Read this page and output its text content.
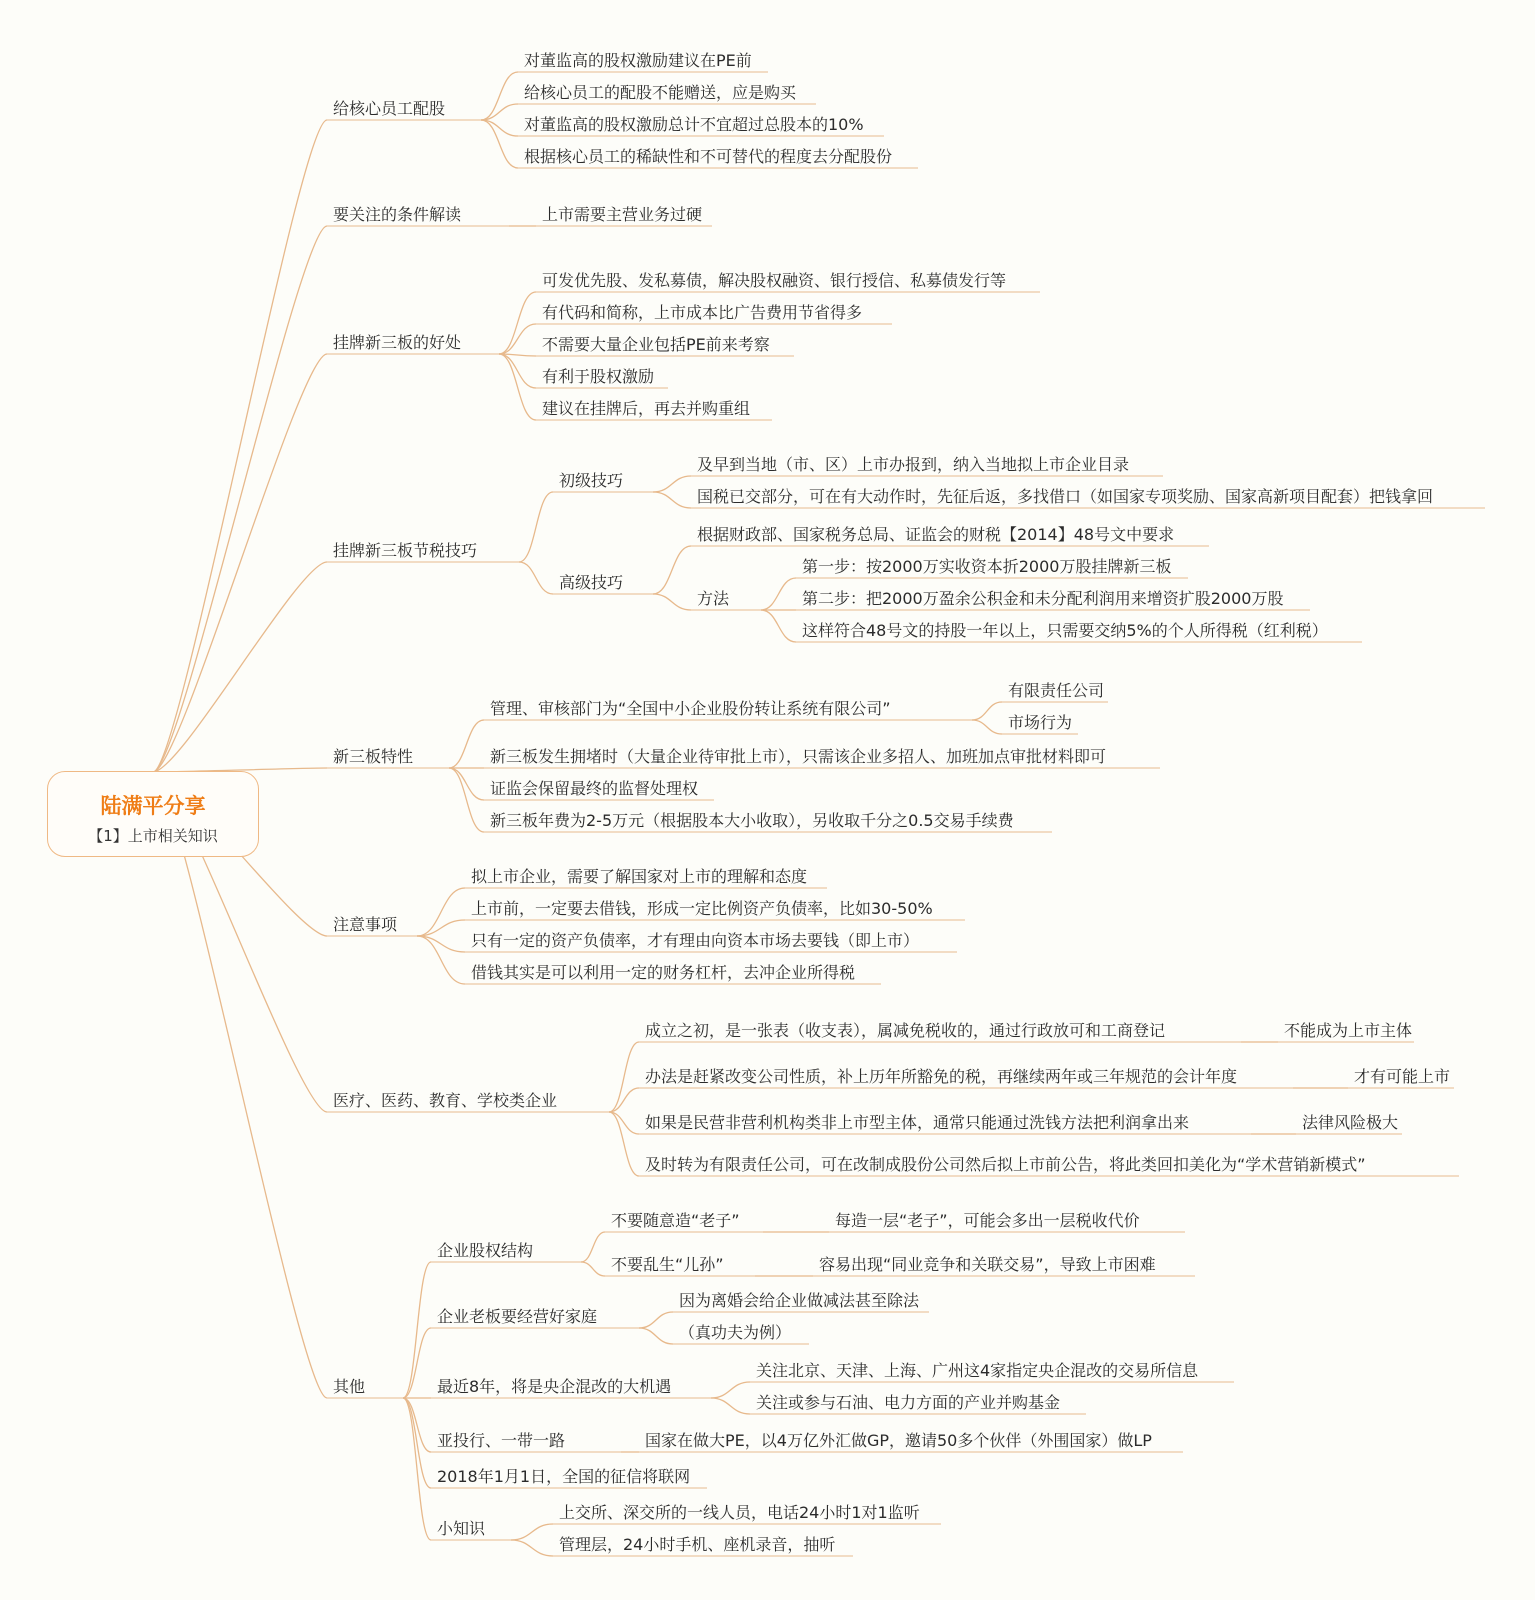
给核心员工配股
对董监高的股权激励建议在PE前
给核心员工的配股不能赠送，应是购买
对董监高的股权激励总计不宜超过总股本的10%
根据核心员工的稀缺性和不可替代的程度去分配股份
要关注的条件解读	上市需要主营业务过硬
挂牌新三板的好处
可发优先股、发私募债，解决股权融资、银行授信、私募债发行等
有代码和简称，上市成本比广告费用节省得多
不需要大量企业包括PE前来考察
有利于股权激励
建议在挂牌后，再去并购重组
挂牌新三板节税技巧
初级技巧
及早到当地（市、区）上市办报到，纳入当地拟上市企业目录
国税已交部分，可在有大动作时，先征后返，多找借口（如国家专项奖励、国家高新项目配套）把钱拿回
高级技巧
根据财政部、国家税务总局、证监会的财税【2014】48号文中要求
方法
第一步：按2000万实收资本折2000万股挂牌新三板
第二步：把2000万盈余公积金和未分配利润用来增资扩股2000万股
这样符合48号文的持股一年以上，只需要交纳5%的个人所得税（红利税）
新三板特性
管理、审核部门为“全国中小企业股份转让系统有限公司”
有限责任公司
市场行为
新三板发生拥堵时（大量企业待审批上市），只需该企业多招人、加班加点审批材料即可
证监会保留最终的监督处理权
新三板年费为2-5万元（根据股本大小收取），另收取千分之0.5交易手续费
注意事项
拟上市企业，需要了解国家对上市的理解和态度
上市前，一定要去借钱，形成一定比例资产负债率，比如30-50%
只有一定的资产负债率，才有理由向资本市场去要钱（即上市）
借钱其实是可以利用一定的财务杠杆，去冲企业所得税
医疗、医药、教育、学校类企业
成立之初，是一张表（收支表），属减免税收的，通过行政放可和工商登记	不能成为上市主体
办法是赶紧改变公司性质，补上历年所豁免的税，再继续两年或三年规范的会计年度	才有可能上市
如果是民营非营利机构类非上市型主体，通常只能通过洗钱方法把利润拿出来	法律风险极大
及时转为有限责任公司，可在改制成股份公司然后拟上市前公告，将此类回扣美化为“学术营销新模式”
其他
企业股权结构
不要随意造“老子”	每造一层“老子”，可能会多出一层税收代价
不要乱生“儿孙”	容易出现“同业竞争和关联交易”，导致上市困难
企业老板要经营好家庭
因为离婚会给企业做减法甚至除法
（真功夫为例）
最近8年，将是央企混改的大机遇
关注北京、天津、上海、广州这4家指定央企混改的交易所信息
关注或参与石油、电力方面的产业并购基金
亚投行、一带一路	国家在做大PE，以4万亿外汇做GP，邀请50多个伙伴（外围国家）做LP
2018年1月1日，全国的征信将联网
小知识
上交所、深交所的一线人员，电话24小时1对1监听
管理层，24小时手机、座机录音，抽听
陆满平分享
【1】上市相关知识
